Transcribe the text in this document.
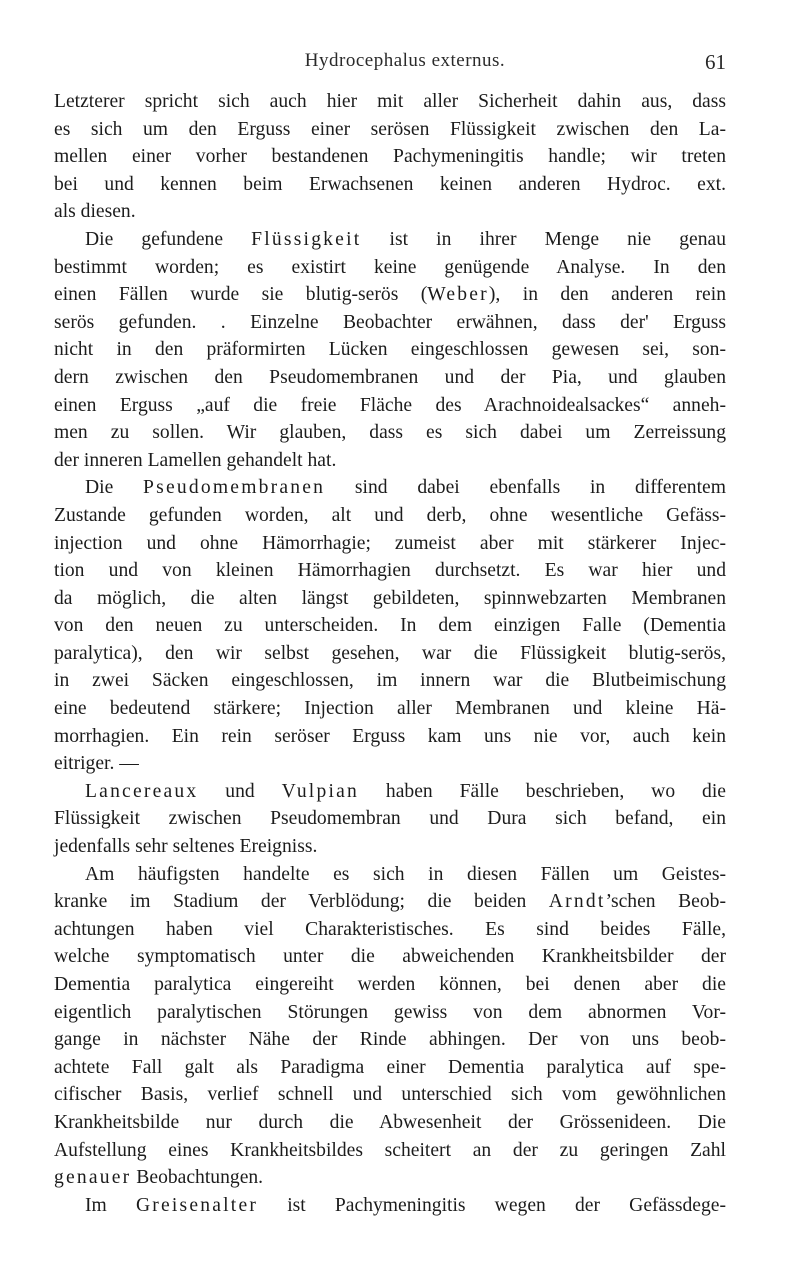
Hydrocephalus externus.	61
Letzterer spricht sich auch hier mit aller Sicherheit dahin aus, dass
es sich um den Erguss einer serösen Flüssigkeit zwischen den La-
mellen einer vorher bestandenen Pachymeningitis handle; wir treten
bei und kennen beim Erwachsenen keinen anderen Hydroc. ext.
als diesen.
Die gefundene Flüssigkeit ist in ihrer Menge nie genau
bestimmt worden; es existirt keine genügende Analyse. In den
einen Fällen wurde sie blutig-serös (Weber), in den anderen rein
serös gefunden. . Einzelne Beobachter erwähnen, dass der' Erguss
nicht in den präformirten Lücken eingeschlossen gewesen sei, son-
dern zwischen den Pseudomembranen und der Pia, und glauben
einen Erguss „auf die freie Fläche des Arachnoidealsackes“ anneh-
men zu sollen. Wir glauben, dass es sich dabei um Zerreissung
der inneren Lamellen gehandelt hat.
Die Pseudomembranen sind dabei ebenfalls in differentem
Zustande gefunden worden, alt und derb, ohne wesentliche Gefäss-
injection und ohne Hämorrhagie; zumeist aber mit stärkerer Injec-
tion und von kleinen Hämorrhagien durchsetzt. Es war hier und
da möglich, die alten längst gebildeten, spinnwebzarten Membranen
von den neuen zu unterscheiden. In dem einzigen Falle (Dementia
paralytica), den wir selbst gesehen, war die Flüssigkeit blutig-serös,
in zwei Säcken eingeschlossen, im innern war die Blutbeimischung
eine bedeutend stärkere; Injection aller Membranen und kleine Hä-
morrhagien. Ein rein seröser Erguss kam uns nie vor, auch kein
eitriger. —
Lancereaux und Vulpian haben Fälle beschrieben, wo die
Flüssigkeit zwischen Pseudomembran und Dura sich befand, ein
jedenfalls sehr seltenes Ereigniss.
Am häufigsten handelte es sich in diesen Fällen um Geistes-
kranke im Stadium der Verblödung; die beiden Arndt’schen Beob-
achtungen haben viel Charakteristisches. Es sind beides Fälle,
welche symptomatisch unter die abweichenden Krankheitsbilder der
Dementia paralytica eingereiht werden können, bei denen aber die
eigentlich paralytischen Störungen gewiss von dem abnormen Vor-
gange in nächster Nähe der Rinde abhingen. Der von uns beob-
achtete Fall galt als Paradigma einer Dementia paralytica auf spe-
cifischer Basis, verlief schnell und unterschied sich vom gewöhnlichen
Krankheitsbilde nur durch die Abwesenheit der Grössenideen. Die
Aufstellung eines Krankheitsbildes scheitert an der zu geringen Zahl
genauer Beobachtungen.
Im Greisenalter ist Pachymeningitis wegen der Gefässdege-
